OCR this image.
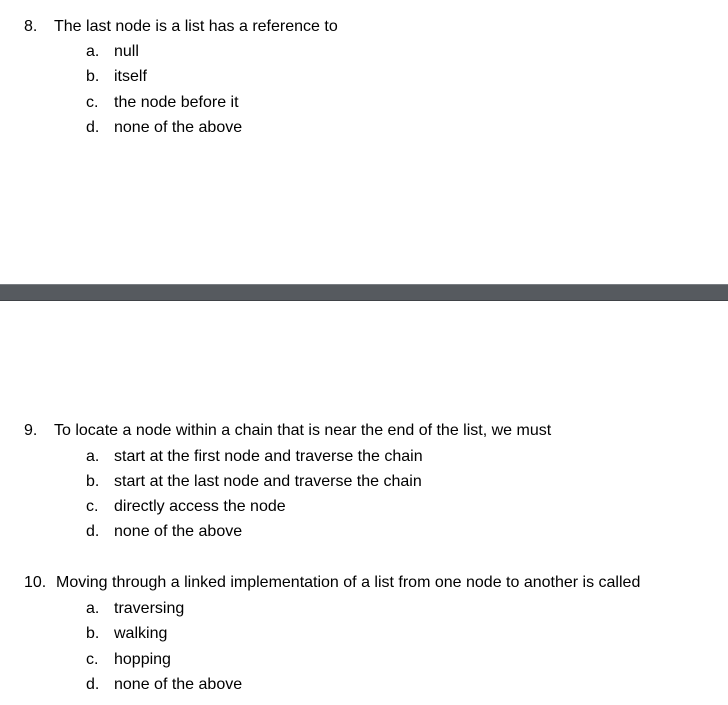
8. The last node is a list has a reference to
a. null
b. itself
c. the node before it
d. none of the above
9. To locate a node within a chain that is near the end of the list, we must
a. start at the first node and traverse the chain
b. start at the last node and traverse the chain
c. directly access the node
d. none of the above
10. Moving through a linked implementation of a list from one node to another is called
a. traversing
b. walking
c. hopping
d. none of the above
